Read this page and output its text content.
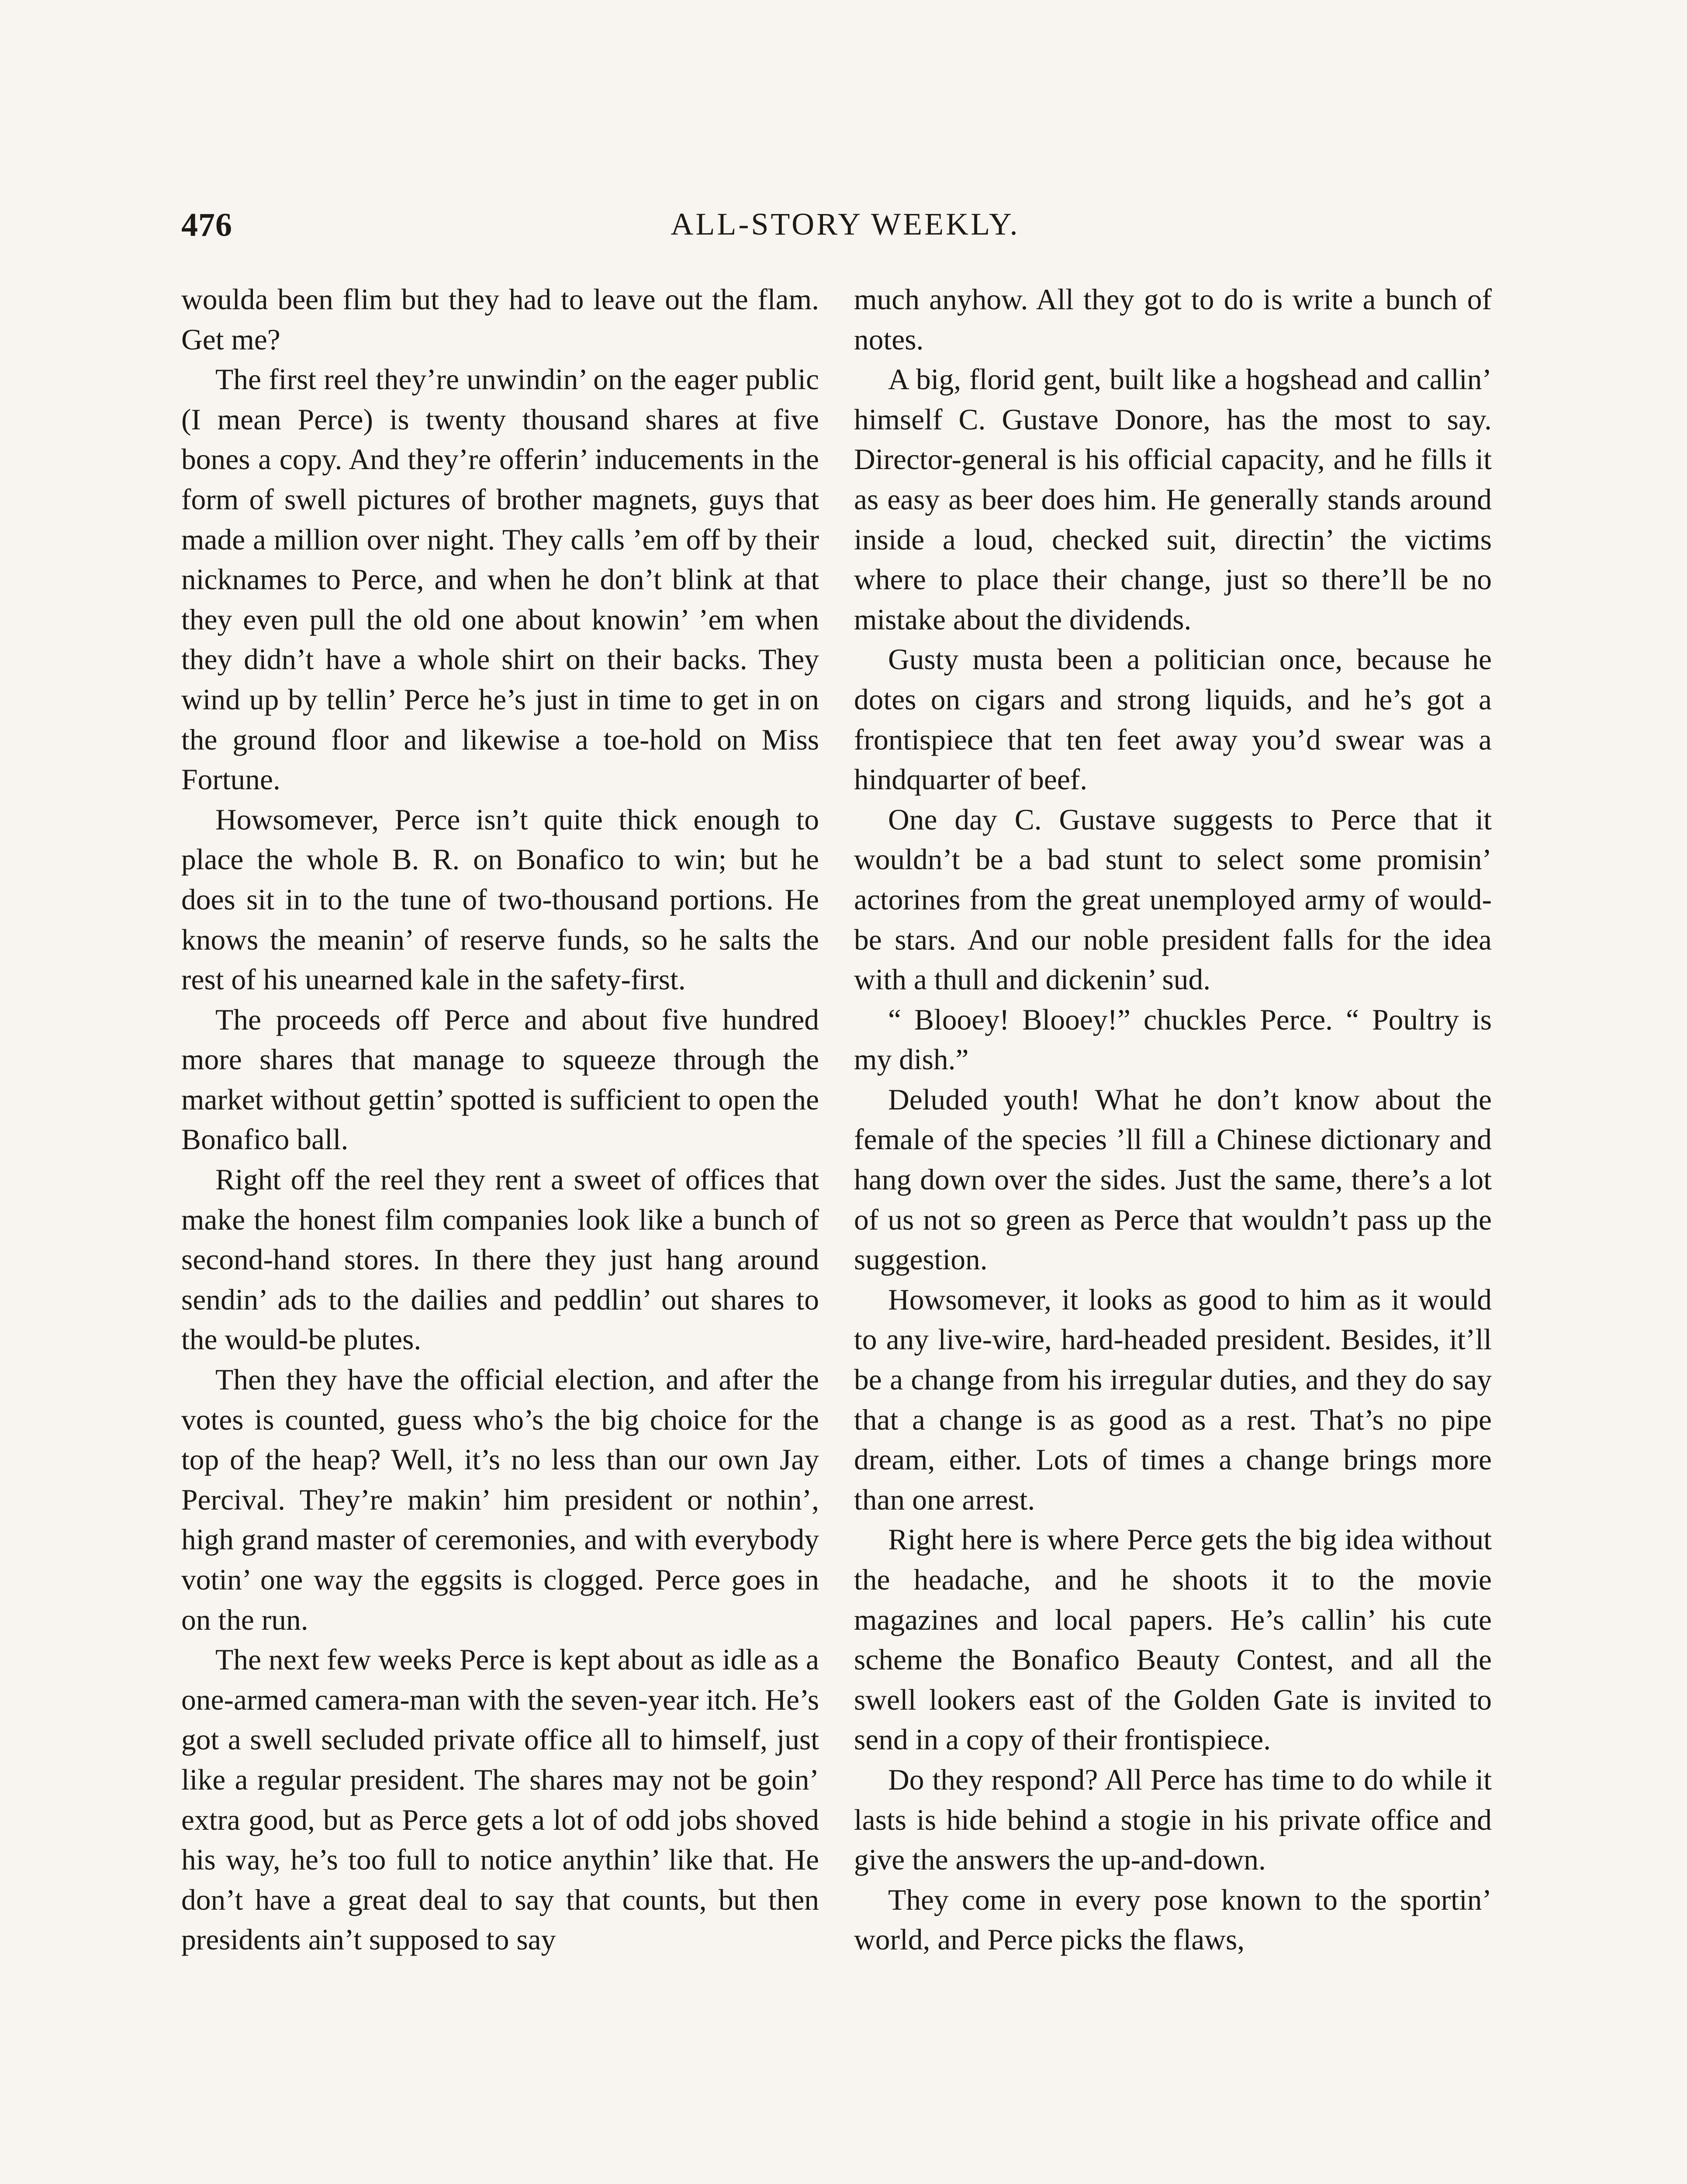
476	ALL-STORY WEEKLY.

woulda been flim but they had to leave out the flam. Get me?

The first reel they’re unwindin’ on the eager public (I mean Perce) is twenty thousand shares at five bones a copy. And they’re offerin’ inducements in the form of swell pictures of brother magnets, guys that made a million over night. They calls ’em off by their nicknames to Perce, and when he don’t blink at that they even pull the old one about knowin’ ’em when they didn’t have a whole shirt on their backs. They wind up by tellin’ Perce he’s just in time to get in on the ground floor and likewise a toe-hold on Miss Fortune.

Howsomever, Perce isn’t quite thick enough to place the whole B. R. on Bonafico to win; but he does sit in to the tune of two-thousand portions. He knows the meanin’ of reserve funds, so he salts the rest of his unearned kale in the safety-first.

The proceeds off Perce and about five hundred more shares that manage to squeeze through the market without gettin’ spotted is sufficient to open the Bonafico ball.

Right off the reel they rent a sweet of offices that make the honest film companies look like a bunch of second-hand stores. In there they just hang around sendin’ ads to the dailies and peddlin’ out shares to the would-be plutes.

Then they have the official election, and after the votes is counted, guess who’s the big choice for the top of the heap? Well, it’s no less than our own Jay Percival. They’re makin’ him president or nothin’, high grand master of ceremonies, and with everybody votin’ one way the eggsits is clogged. Perce goes in on the run.

The next few weeks Perce is kept about as idle as a one-armed camera-man with the seven-year itch. He’s got a swell secluded private office all to himself, just like a regular president. The shares may not be goin’ extra good, but as Perce gets a lot of odd jobs shoved his way, he’s too full to notice anythin’ like that. He don’t have a great deal to say that counts, but then presidents ain’t supposed to say

much anyhow. All they got to do is write a bunch of notes.

A big, florid gent, built like a hogshead and callin’ himself C. Gustave Donore, has the most to say. Director-general is his official capacity, and he fills it as easy as beer does him. He generally stands around inside a loud, checked suit, directin’ the victims where to place their change, just so there’ll be no mistake about the dividends.

Gusty musta been a politician once, because he dotes on cigars and strong liquids, and he’s got a frontispiece that ten feet away you’d swear was a hindquarter of beef.

One day C. Gustave suggests to Perce that it wouldn’t be a bad stunt to select some promisin’ actorines from the great unemployed army of would-be stars. And our noble president falls for the idea with a thull and dickenin’ sud.

“ Blooey! Blooey!” chuckles Perce. “ Poultry is my dish.”

Deluded youth! What he don’t know about the female of the species ’ll fill a Chinese dictionary and hang down over the sides. Just the same, there’s a lot of us not so green as Perce that wouldn’t pass up the suggestion.

Howsomever, it looks as good to him as it would to any live-wire, hard-headed president. Besides, it’ll be a change from his irregular duties, and they do say that a change is as good as a rest. That’s no pipe dream, either. Lots of times a change brings more than one arrest.

Right here is where Perce gets the big idea without the headache, and he shoots it to the movie magazines and local papers. He’s callin’ his cute scheme the Bonafico Beauty Contest, and all the swell lookers east of the Golden Gate is invited to send in a copy of their frontispiece.

Do they respond? All Perce has time to do while it lasts is hide behind a stogie in his private office and give the answers the up-and-down.

They come in every pose known to the sportin’ world, and Perce picks the flaws,
